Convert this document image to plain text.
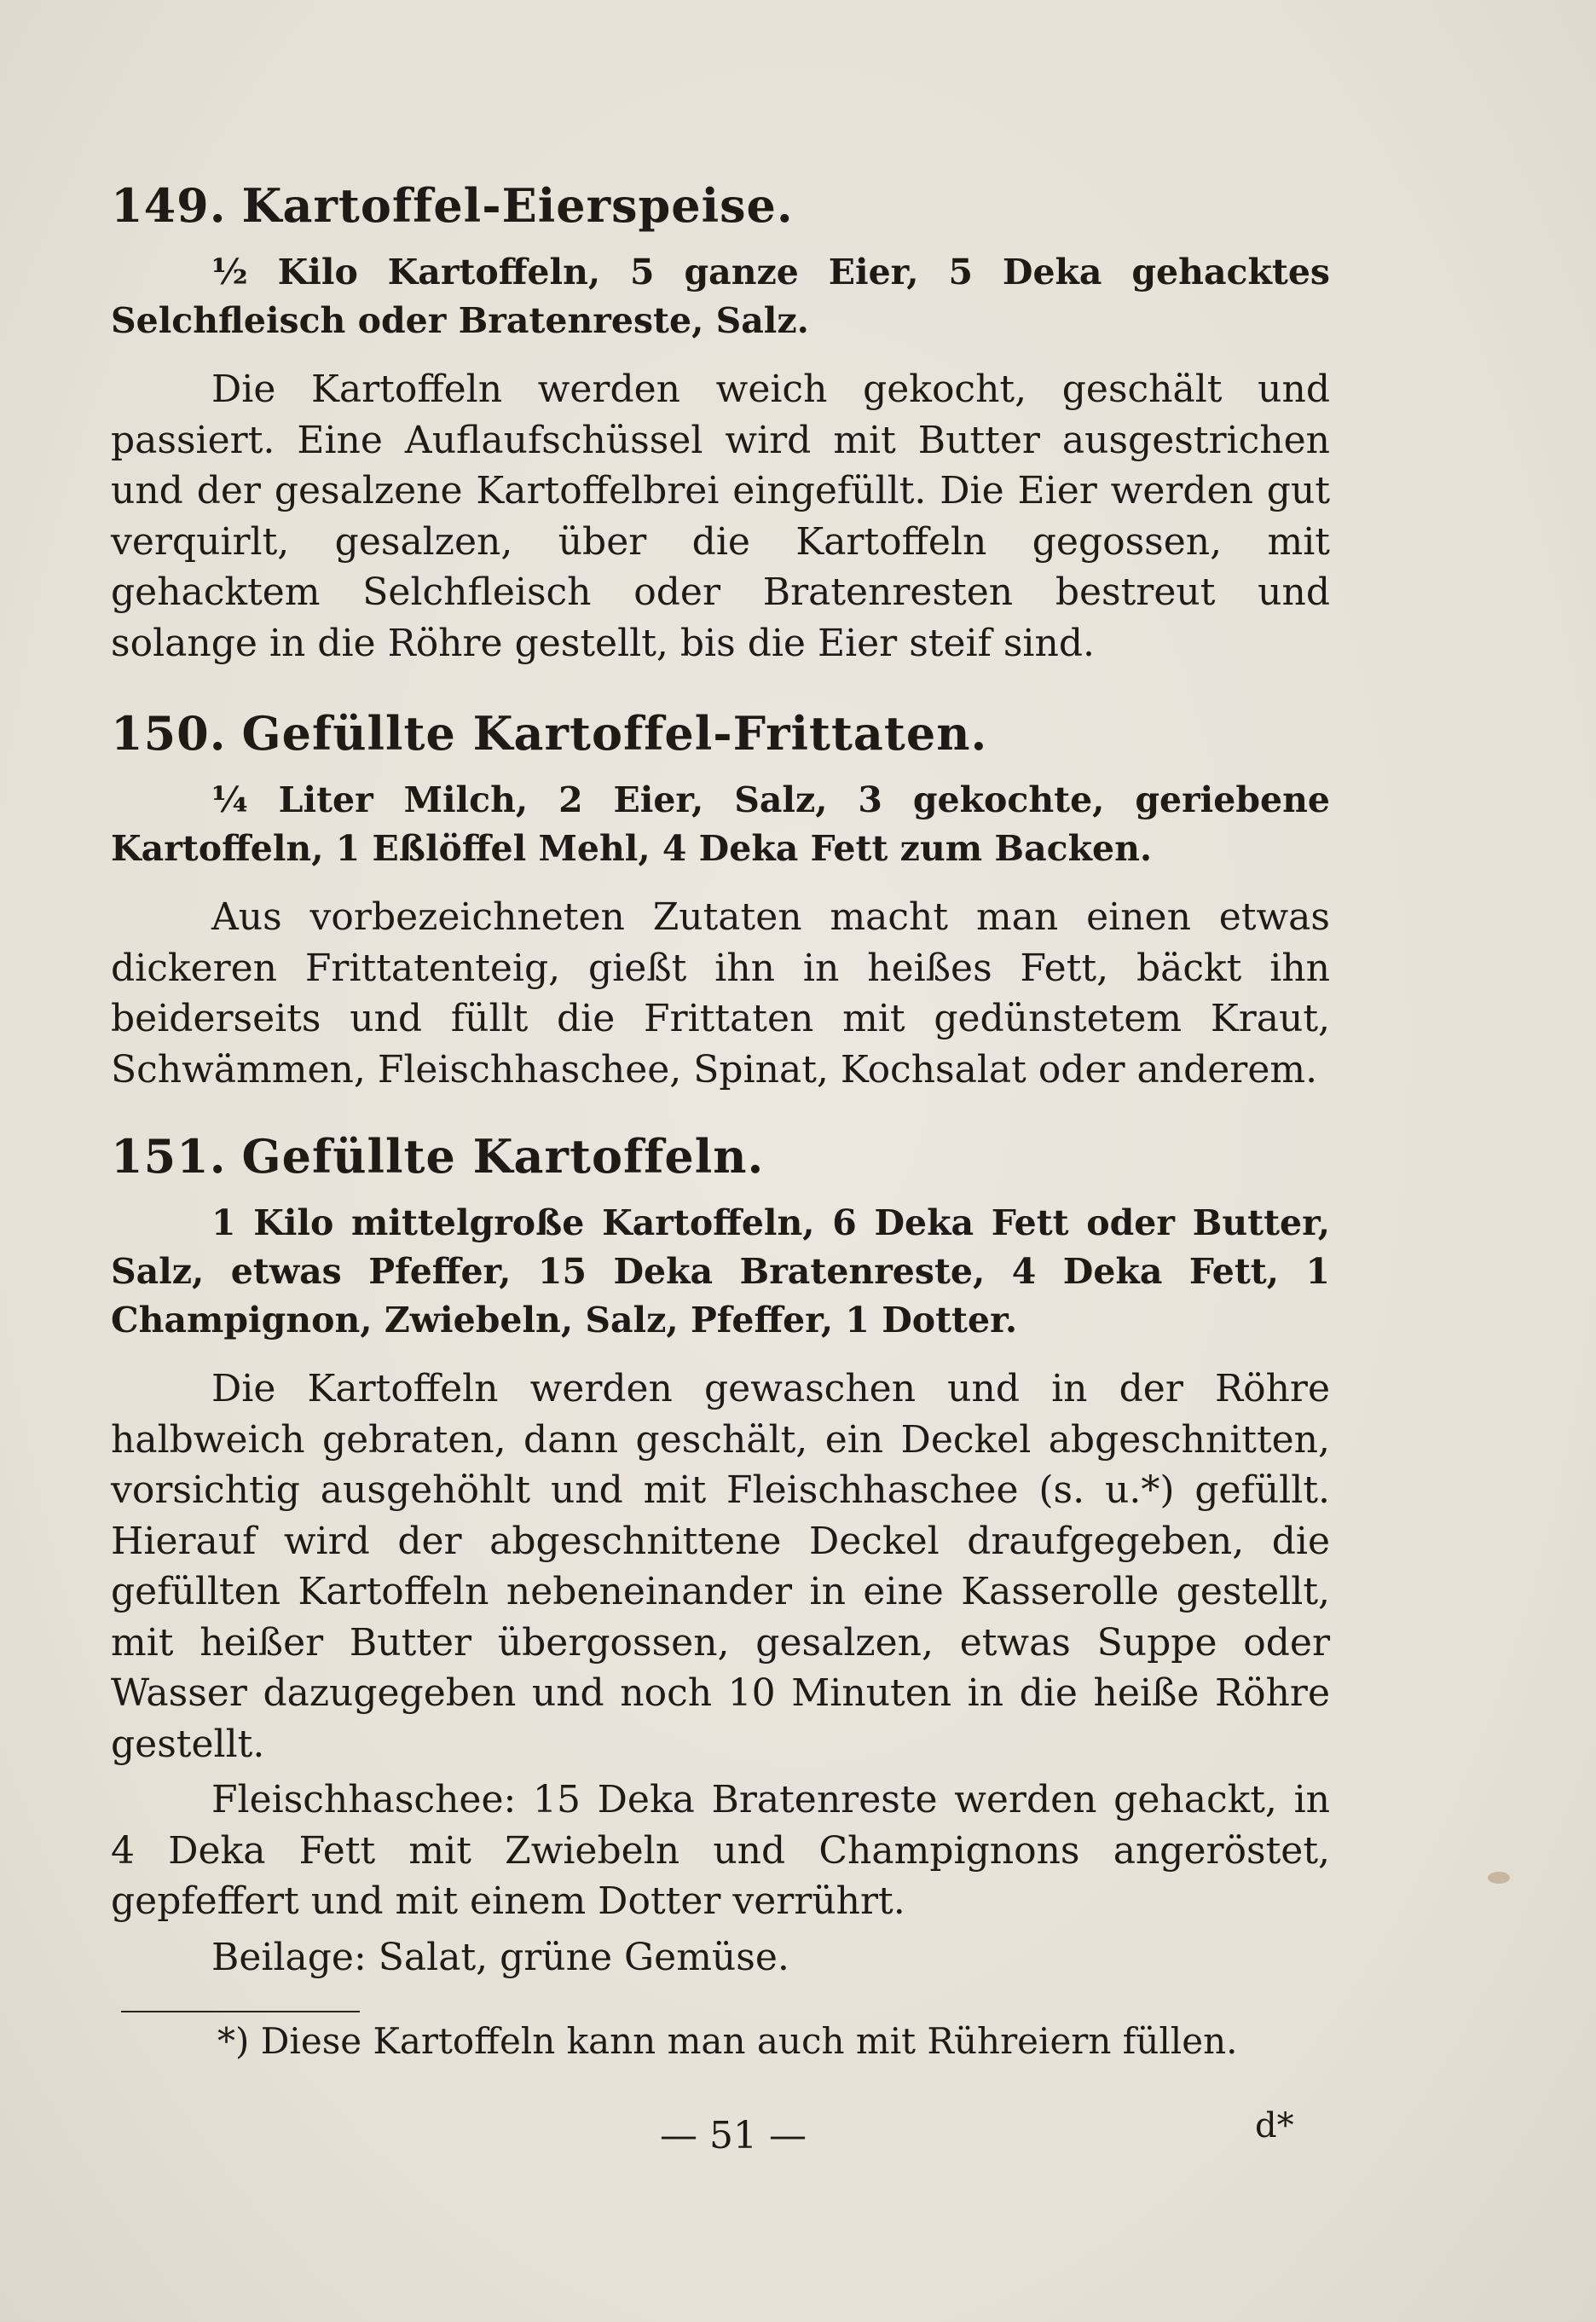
149. Kartoffel-Eierspeise.

½ Kilo Kartoffeln, 5 ganze Eier, 5 Deka gehacktes Selchfleisch oder Bratenreste, Salz.

Die Kartoffeln werden weich gekocht, geschält und passiert. Eine Auflaufschüssel wird mit Butter ausgestrichen und der gesalzene Kartoffelbrei eingefüllt. Die Eier werden gut verquirlt, gesalzen, über die Kartoffeln gegossen, mit gehacktem Selchfleisch oder Bratenresten bestreut und solange in die Röhre gestellt, bis die Eier steif sind.

150. Gefüllte Kartoffel-Frittaten.

¼ Liter Milch, 2 Eier, Salz, 3 gekochte, geriebene Kartoffeln, 1 Eßlöffel Mehl, 4 Deka Fett zum Backen.

Aus vorbezeichneten Zutaten macht man einen etwas dickeren Frittatenteig, gießt ihn in heißes Fett, bäckt ihn beiderseits und füllt die Frittaten mit gedünstetem Kraut, Schwämmen, Fleischhaschee, Spinat, Kochsalat oder anderem.

151. Gefüllte Kartoffeln.

1 Kilo mittelgroße Kartoffeln, 6 Deka Fett oder Butter, Salz, etwas Pfeffer, 15 Deka Bratenreste, 4 Deka Fett, 1 Champignon, Zwiebeln, Salz, Pfeffer, 1 Dotter.

Die Kartoffeln werden gewaschen und in der Röhre halbweich gebraten, dann geschält, ein Deckel abgeschnitten, vorsichtig ausgehöhlt und mit Fleischhaschee (s. u.*) gefüllt. Hierauf wird der abgeschnittene Deckel draufgegeben, die gefüllten Kartoffeln nebeneinander in eine Kasserolle gestellt, mit heißer Butter übergossen, gesalzen, etwas Suppe oder Wasser dazugegeben und noch 10 Minuten in die heiße Röhre gestellt.

Fleischhaschee: 15 Deka Bratenreste werden gehackt, in 4 Deka Fett mit Zwiebeln und Champignons angeröstet, gepfeffert und mit einem Dotter verrührt.

Beilage: Salat, grüne Gemüse.

*) Diese Kartoffeln kann man auch mit Rühreiern füllen.
— 51 —	d*
